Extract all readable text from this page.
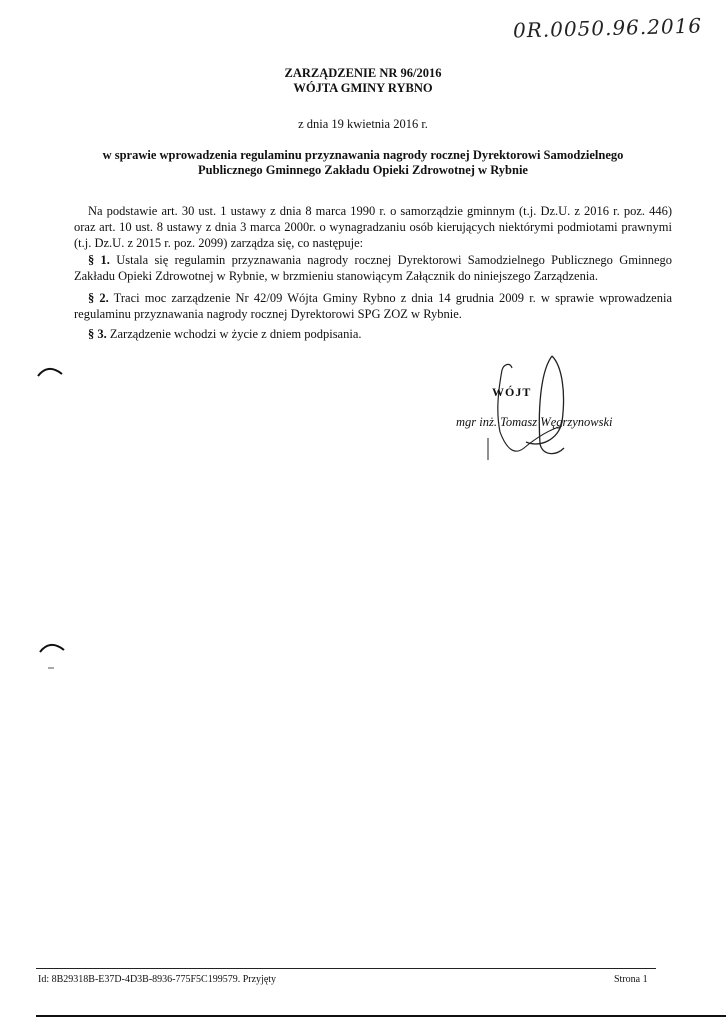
0R.0050.96.2016

ZARZĄDZENIE NR 96/2016

WÓJTA GMINY RYBNO

z dnia 19 kwietnia 2016 r.
w sprawie wprowadzenia regulaminu przyznawania nagrody rocznej Dyrektorowi Samodzielnego Publicznego Gminnego Zakładu Opieki Zdrowotnej w Rybnie

Na podstawie art. 30 ust. 1 ustawy z dnia 8 marca 1990 r. o samorządzie gminnym (t.j. Dz.U. z 2016 r. poz. 446) oraz art. 10 ust. 8 ustawy z dnia 3 marca 2000r. o wynagradzaniu osób kierujących niektórymi podmiotami prawnymi (t.j. Dz.U. z 2015 r. poz. 2099) zarządza się, co następuje:

§ 1. Ustala się regulamin przyznawania nagrody rocznej Dyrektorowi Samodzielnego Publicznego Gminnego Zakładu Opieki Zdrowotnej w Rybnie, w brzmieniu stanowiącym Załącznik do niniejszego Zarządzenia.

§ 2. Traci moc zarządzenie Nr 42/09 Wójta Gminy Rybno z dnia 14 grudnia 2009 r. w sprawie wprowadzenia regulaminu przyznawania nagrody rocznej Dyrektorowi SPG ZOZ w Rybnie.

§ 3. Zarządzenie wchodzi w życie z dniem podpisania.

WÓJT
mgr inż. Tomasz Węgrzynowski
Id: 8B29318B-E37D-4D3B-8936-775F5C199579. Przyjęty	Strona 1
